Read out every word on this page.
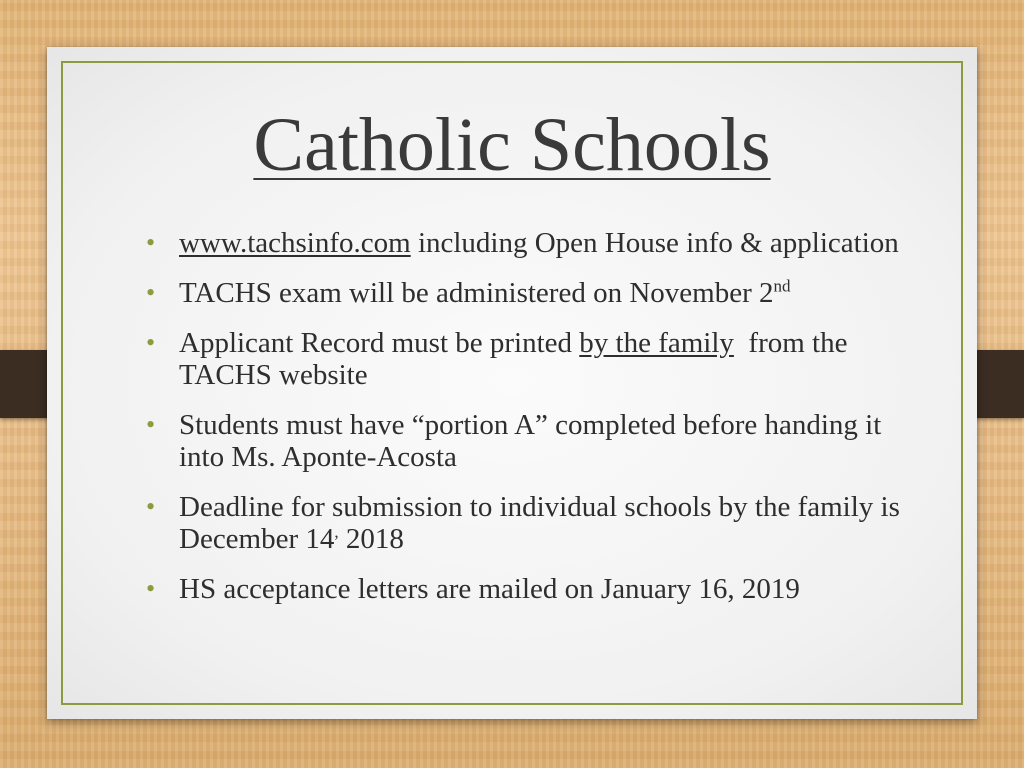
Catholic Schools
• www.tachsinfo.com including Open House info & application
• TACHS exam will be administered on November 2nd
• Applicant Record must be printed by the family  from the TACHS website
• Students must have “portion A” completed before handing it into Ms. Aponte-Acosta
• Deadline for submission to individual schools by the family is December 14, 2018
• HS acceptance letters are mailed on January 16, 2019
